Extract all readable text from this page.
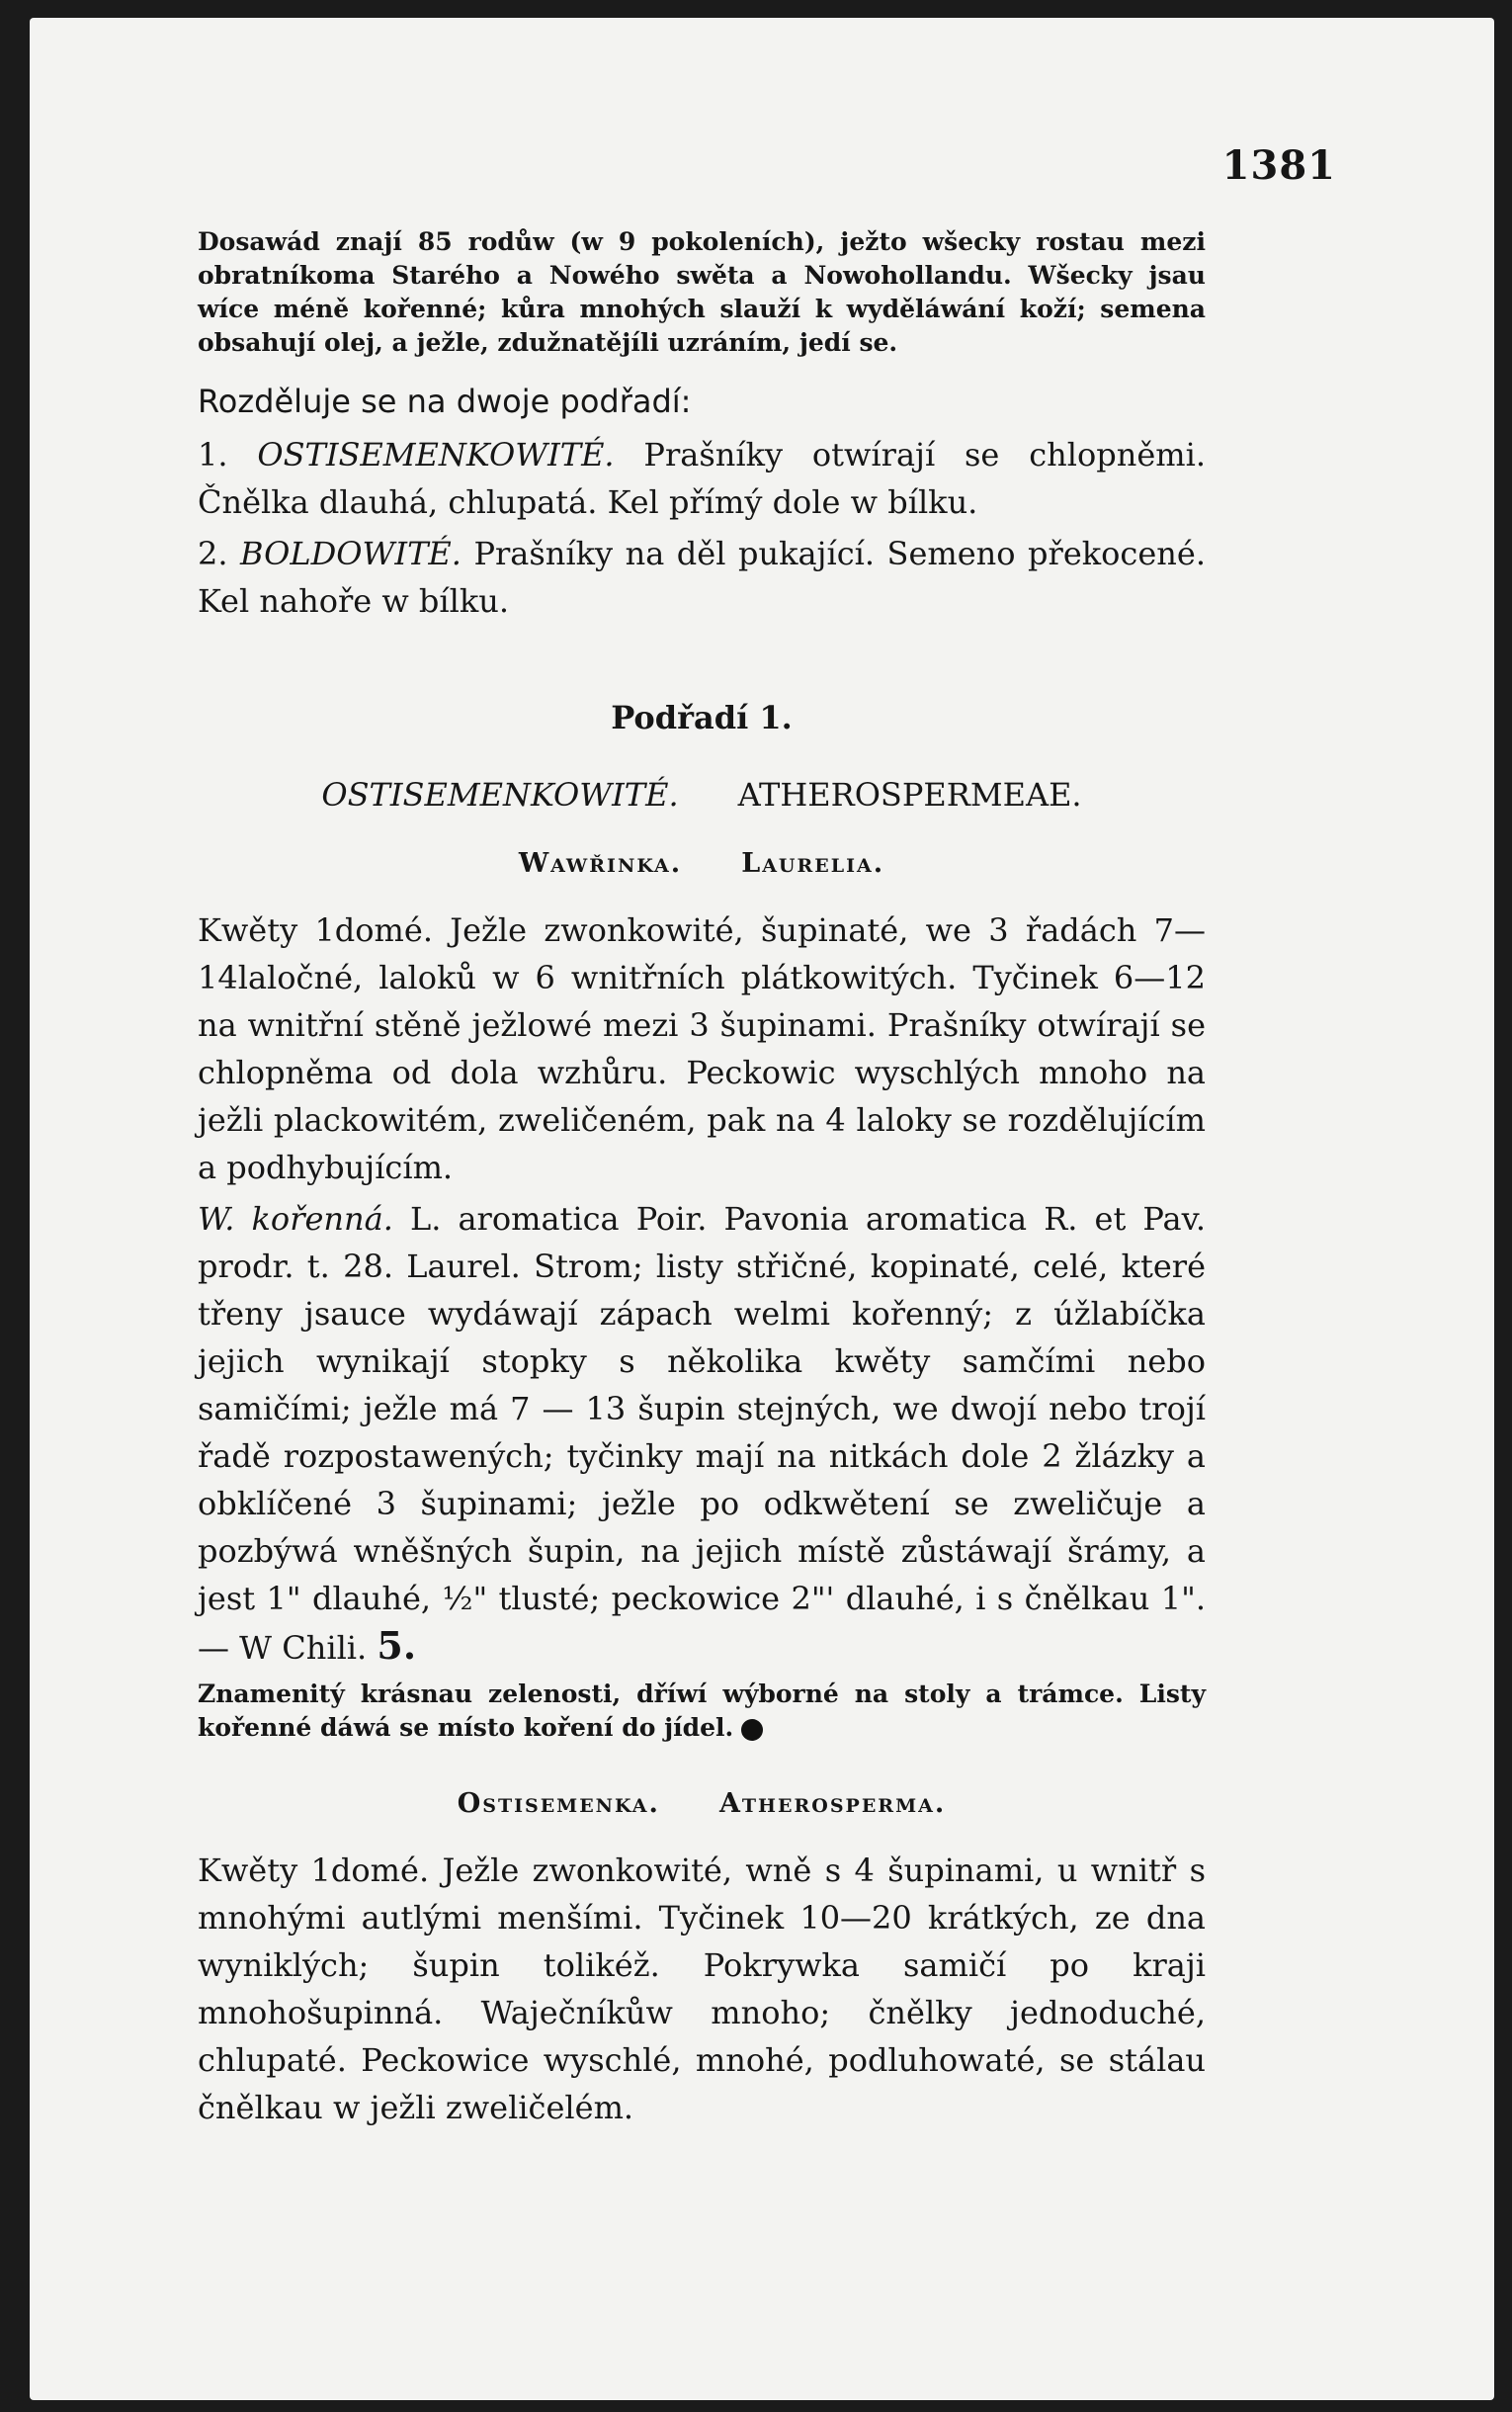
1381

Dosawád znají 85 rodůw (w 9 pokoleních), ježto wšecky rostau mezi obratníkoma Starého a Nowého swěta a Nowohollandu. Wšecky jsau wíce méně kořenné; kůra mnohých slauží k wyděláwání koží; semena obsahují olej, a ježle, zdužnatějíli uzráním, jedí se.

Rozděluje se na dwoje podřadí:

1. OSTISEMENKOWITÉ. Prašníky otwírají se chlopněmi. Čnělka dlauhá, chlupatá. Kel přímý dole w bílku.

2. BOLDOWITÉ. Prašníky na děl pukající. Semeno překocené. Kel nahoře w bílku.

Podřadí 1.

OSTISEMENKOWITÉ. ATHEROSPERMEAE.
Wawřinka. Laurelia.

Kwěty 1domé. Ježle zwonkowité, šupinaté, we 3 řadách 7—14laločné, laloků w 6 wnitřních plátkowitých. Tyčinek 6—12 na wnitřní stěně ježlowé mezi 3 šupinami. Prašníky otwírají se chlopněma od dola wzhůru. Peckowic wyschlých mnoho na ježli plackowitém, zweličeném, pak na 4 laloky se rozdělujícím a podhybujícím.

W. kořenná. L. aromatica Poir. Pavonia aromatica R. et Pav. prodr. t. 28. Laurel. Strom; listy střičné, kopinaté, celé, které třeny jsauce wydáwají zápach welmi kořenný; z úžlabíčka jejich wynikají stopky s několika kwěty samčími nebo samičími; ježle má 7 — 13 šupin stejných, we dwojí nebo trojí řadě rozpostawených; tyčinky mají na nitkách dole 2 žlázky a obklíčené 3 šupinami; ježle po odkwětení se zweličuje a pozbýwá wněšných šupin, na jejich místě zůstáwají šrámy, a jest 1" dlauhé, ½" tlusté; peckowice 2"' dlauhé, i s čnělkau 1". — W Chili. 5.

Znamenitý krásnau zelenosti, dříwí wýborné na stoly a trámce. Listy kořenné dáwá se místo koření do jídel.

Ostisemenka. Atherosperma.

Kwěty 1domé. Ježle zwonkowité, wně s 4 šupinami, u wnitř s mnohými autlými menšími. Tyčinek 10—20 krátkých, ze dna wyniklých; šupin tolikéž. Pokrywka samičí po kraji mnohošupinná. Waječníkůw mnoho; čnělky jednoduché, chlupaté. Peckowice wyschlé, mnohé, podluhowaté, se stálau čnělkau w ježli zweličelém.
